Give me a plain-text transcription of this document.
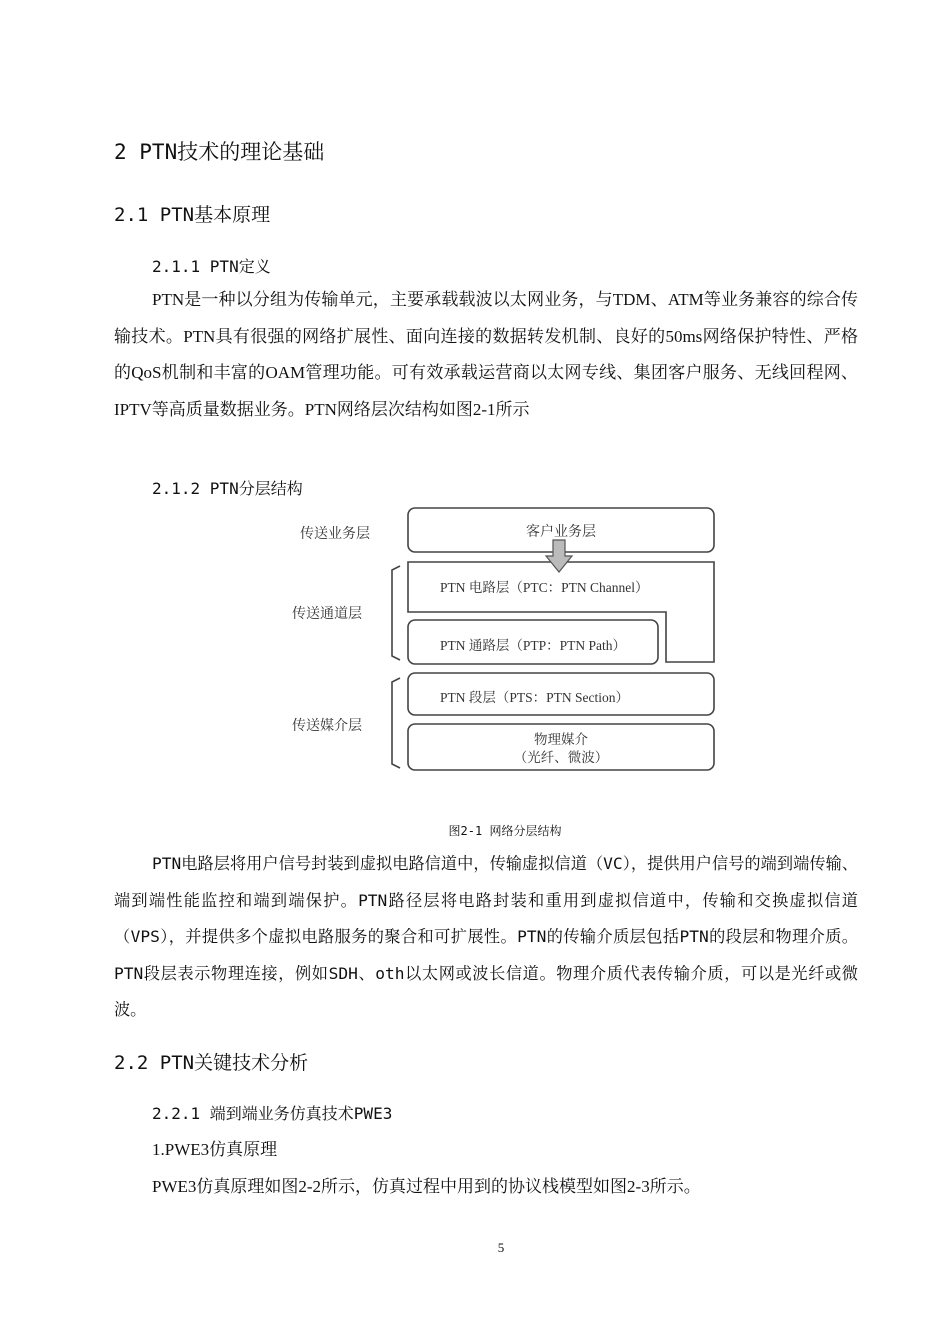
2 PTN技术的理论基础
2.1 PTN基本原理
2.1.1 PTN定义
PTN是一种以分组为传输单元，主要承载载波以太网业务，与TDM、ATM等业务兼容的综合传输技术。PTN具有很强的网络扩展性、面向连接的数据转发机制、良好的50ms网络保护特性、严格的QoS机制和丰富的OAM管理功能。可有效承载运营商以太网专线、集团客户服务、无线回程网、IPTV等高质量数据业务。PTN网络层次结构如图2-1所示
2.1.2 PTN分层结构
传送业务层
传送通道层
传送媒介层
客户业务层
PTN 电路层（PTC：PTN Channel）
PTN 通路层（PTP：PTN Path）
PTN 段层（PTS：PTN Section）
物理媒介
（光纤、微波）
图2-1 网络分层结构
PTN电路层将用户信号封装到虚拟电路信道中，传输虚拟信道（VC），提供用户信号的端到端传输、端到端性能监控和端到端保护。PTN路径层将电路封装和重用到虚拟信道中，传输和交换虚拟信道（VPS），并提供多个虚拟电路服务的聚合和可扩展性。PTN的传输介质层包括PTN的段层和物理介质。PTN段层表示物理连接，例如SDH、oth以太网或波长信道。物理介质代表传输介质，可以是光纤或微波。
2.2 PTN关键技术分析
2.2.1 端到端业务仿真技术PWE3
1.PWE3仿真原理
PWE3仿真原理如图2-2所示，仿真过程中用到的协议栈模型如图2-3所示。
5
